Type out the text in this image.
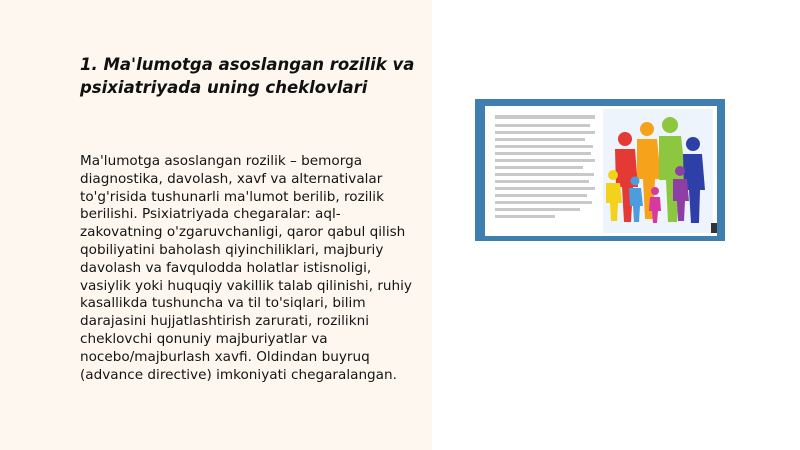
1. Ma'lumotga asoslangan rozilik va psixiatriyada uning cheklovlari

Ma'lumotga asoslangan rozilik – bemorga diagnostika, davolash, xavf va alternativalar to'g'risida tushunarli ma'lumot berilib, rozilik berilishi. Psixiatriyada chegaralar: aql-zakovatning o'zgaruvchanligi, qaror qabul qilish qobiliyatini baholash qiyinchiliklari, majburiy davolash va favqulodda holatlar istisnoligi, vasiylik yoki huquqiy vakillik talab qilinishi, ruhiy kasallikda tushuncha va til to'siqlari, bilim darajasini hujjatlashtirish zarurati, rozilikni cheklovchi qonuniy majburiyatlar va nocebo/majburlash xavfi. Oldindan buyruq (advance directive) imkoniyati chegaralangan.
